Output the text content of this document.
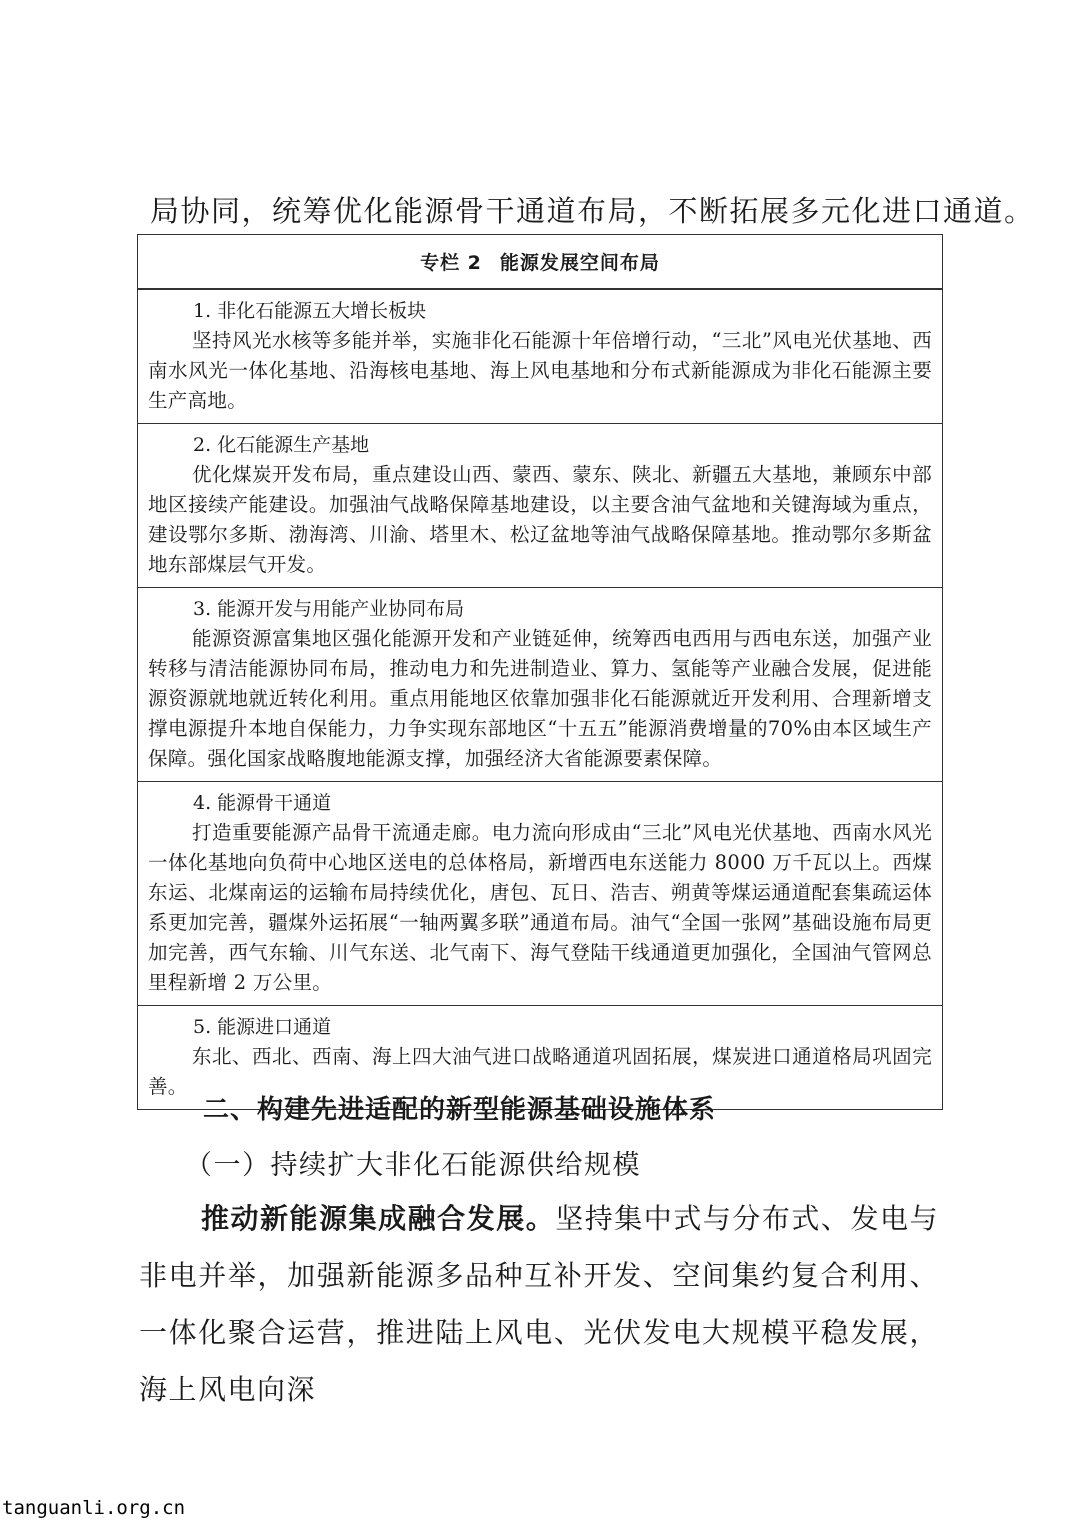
局协同，统筹优化能源骨干通道布局，不断拓展多元化进口通道。
专栏 2 能源发展空间布局
1. 非化石能源五大增长板块
坚持风光水核等多能并举，实施非化石能源十年倍增行动，“三北”风电光伏基地、西南水风光一体化基地、沿海核电基地、海上风电基地和分布式新能源成为非化石能源主要生产高地。
2. 化石能源生产基地
优化煤炭开发布局，重点建设山西、蒙西、蒙东、陕北、新疆五大基地，兼顾东中部地区接续产能建设。加强油气战略保障基地建设，以主要含油气盆地和关键海域为重点，建设鄂尔多斯、渤海湾、川渝、塔里木、松辽盆地等油气战略保障基地。推动鄂尔多斯盆地东部煤层气开发。
3. 能源开发与用能产业协同布局
能源资源富集地区强化能源开发和产业链延伸，统筹西电西用与西电东送，加强产业转移与清洁能源协同布局，推动电力和先进制造业、算力、氢能等产业融合发展，促进能源资源就地就近转化利用。重点用能地区依靠加强非化石能源就近开发利用、合理新增支撑电源提升本地自保能力，力争实现东部地区“十五五”能源消费增量的70%由本区域生产保障。强化国家战略腹地能源支撑，加强经济大省能源要素保障。
4. 能源骨干通道
打造重要能源产品骨干流通走廊。电力流向形成由“三北”风电光伏基地、西南水风光一体化基地向负荷中心地区送电的总体格局，新增西电东送能力 8000 万千瓦以上。西煤东运、北煤南运的运输布局持续优化，唐包、瓦日、浩吉、朔黄等煤运通道配套集疏运体系更加完善，疆煤外运拓展“一轴两翼多联”通道布局。油气“全国一张网”基础设施布局更加完善，西气东输、川气东送、北气南下、海气登陆干线通道更加强化，全国油气管网总里程新增 2 万公里。
5. 能源进口通道
东北、西北、西南、海上四大油气进口战略通道巩固拓展，煤炭进口通道格局巩固完善。
二、构建先进适配的新型能源基础设施体系
（一）持续扩大非化石能源供给规模
推动新能源集成融合发展。坚持集中式与分布式、发电与非电并举，加强新能源多品种互补开发、空间集约复合利用、一体化聚合运营，推进陆上风电、光伏发电大规模平稳发展，海上风电向深
tanguanli.org.cn
